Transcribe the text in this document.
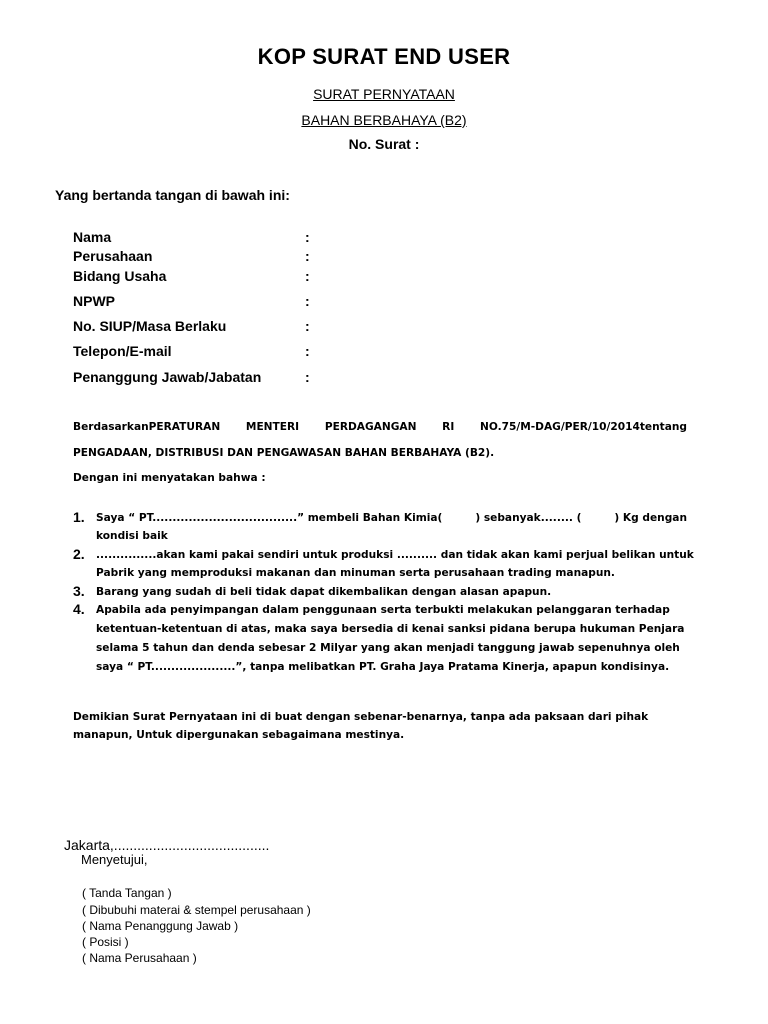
KOP SURAT END USER
SURAT PERNYATAAN
BAHAN BERBAHAYA (B2)
No. Surat :
Yang bertanda tangan di bawah ini:
Nama	:
Perusahaan	:
Bidang Usaha	:
NPWP	:
No. SIUP/Masa Berlaku	:
Telepon/E-mail	:
Penanggung Jawab/Jabatan	:
BerdasarkanPERATURAN MENTERI PERDAGANGAN RI NO.75/M-DAG/PER/10/2014tentang
PENGADAAN, DISTRIBUSI DAN PENGAWASAN BAHAN BERBAHAYA (B2).
Dengan ini menyatakan bahwa :
1. Saya “ PT....................................” membeli Bahan Kimia(	) sebanyak........ (	) Kg dengan
kondisi baik
2. ...............akan kami pakai sendiri untuk produksi .......... dan tidak akan kami perjual belikan untuk
Pabrik yang memproduksi makanan dan minuman serta perusahaan trading manapun.
3. Barang yang sudah di beli tidak dapat dikembalikan dengan alasan apapun.
4. Apabila ada penyimpangan dalam penggunaan serta terbukti melakukan pelanggaran terhadap
ketentuan-ketentuan di atas, maka saya bersedia di kenai sanksi pidana berupa hukuman Penjara
selama 5 tahun dan denda sebesar 2 Milyar yang akan menjadi tanggung jawab sepenuhnya oleh
saya “ PT.....................”, tanpa melibatkan PT. Graha Jaya Pratama Kinerja, apapun kondisinya.
Demikian Surat Pernyataan ini di buat dengan sebenar-benarnya, tanpa ada paksaan dari pihak
manapun, Untuk dipergunakan sebagaimana mestinya.
Jakarta,........................................
Menyetujui,
( Tanda Tangan )
( Dibubuhi materai & stempel perusahaan )
( Nama Penanggung Jawab )
( Posisi )
( Nama Perusahaan )
